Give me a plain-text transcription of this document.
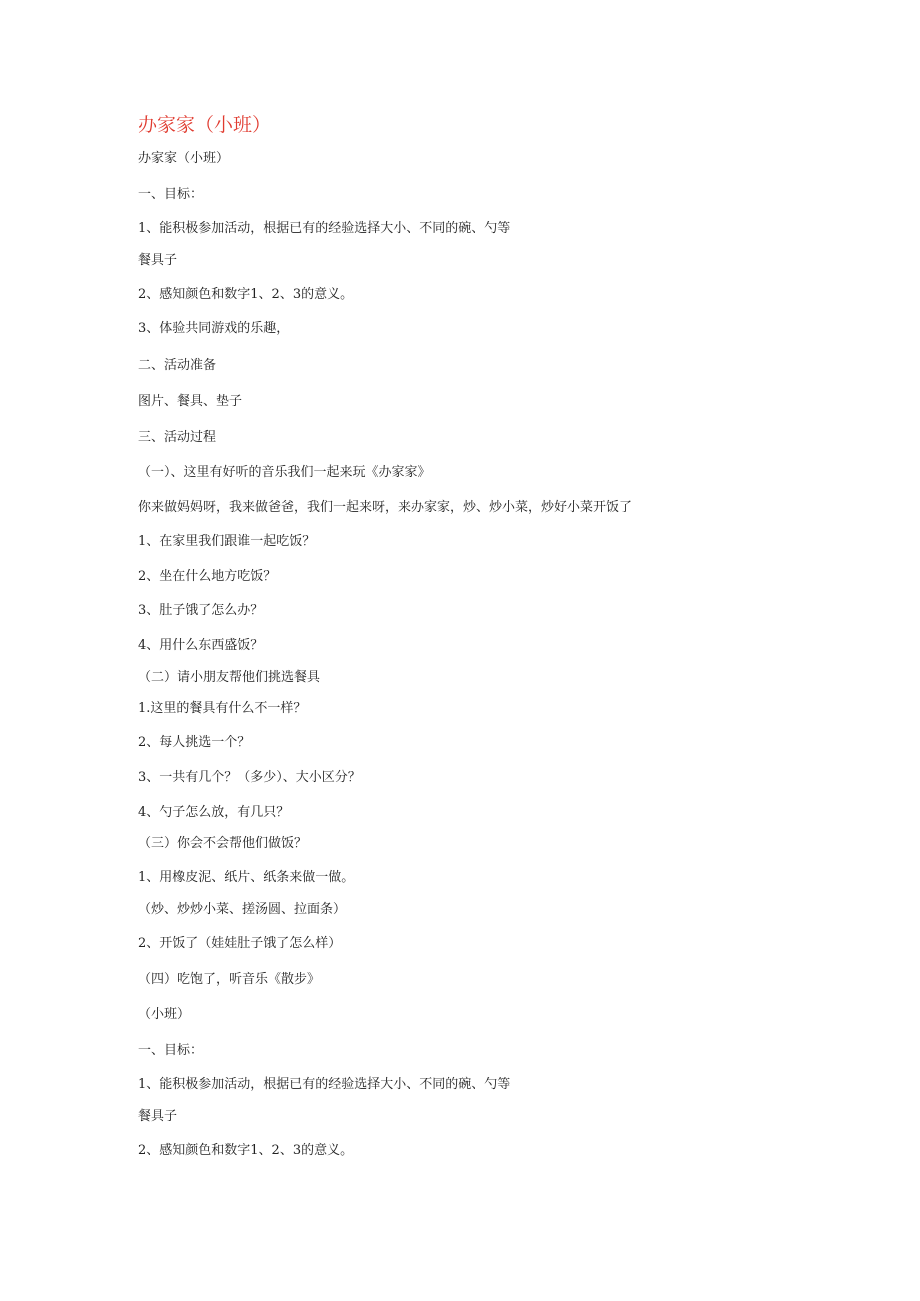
办家家（小班）
办家家（小班）
一、目标：
1、能积极参加活动，根据已有的经验选择大小、不同的碗、勺等
餐具子
2、感知颜色和数字1、2、3的意义。
3、体验共同游戏的乐趣，
二、活动准备
图片、餐具、垫子
三、活动过程
（一）、这里有好听的音乐我们一起来玩《办家家》
你来做妈妈呀，我来做爸爸，我们一起来呀，来办家家，炒、炒小菜，炒好小菜开饭了
1、在家里我们跟谁一起吃饭？
2、坐在什么地方吃饭？
3、肚子饿了怎么办？
4、用什么东西盛饭？
（二）请小朋友帮他们挑选餐具
1.这里的餐具有什么不一样？
2、每人挑选一个？
3、一共有几个？（多少）、大小区分？
4、勺子怎么放，有几只？
（三）你会不会帮他们做饭？
1、用橡皮泥、纸片、纸条来做一做。
（炒、炒炒小菜、搓汤圆、拉面条）
2、开饭了（娃娃肚子饿了怎么样）
（四）吃饱了，听音乐《散步》
（小班）
一、目标：
1、能积极参加活动，根据已有的经验选择大小、不同的碗、勺等
餐具子
2、感知颜色和数字1、2、3的意义。
